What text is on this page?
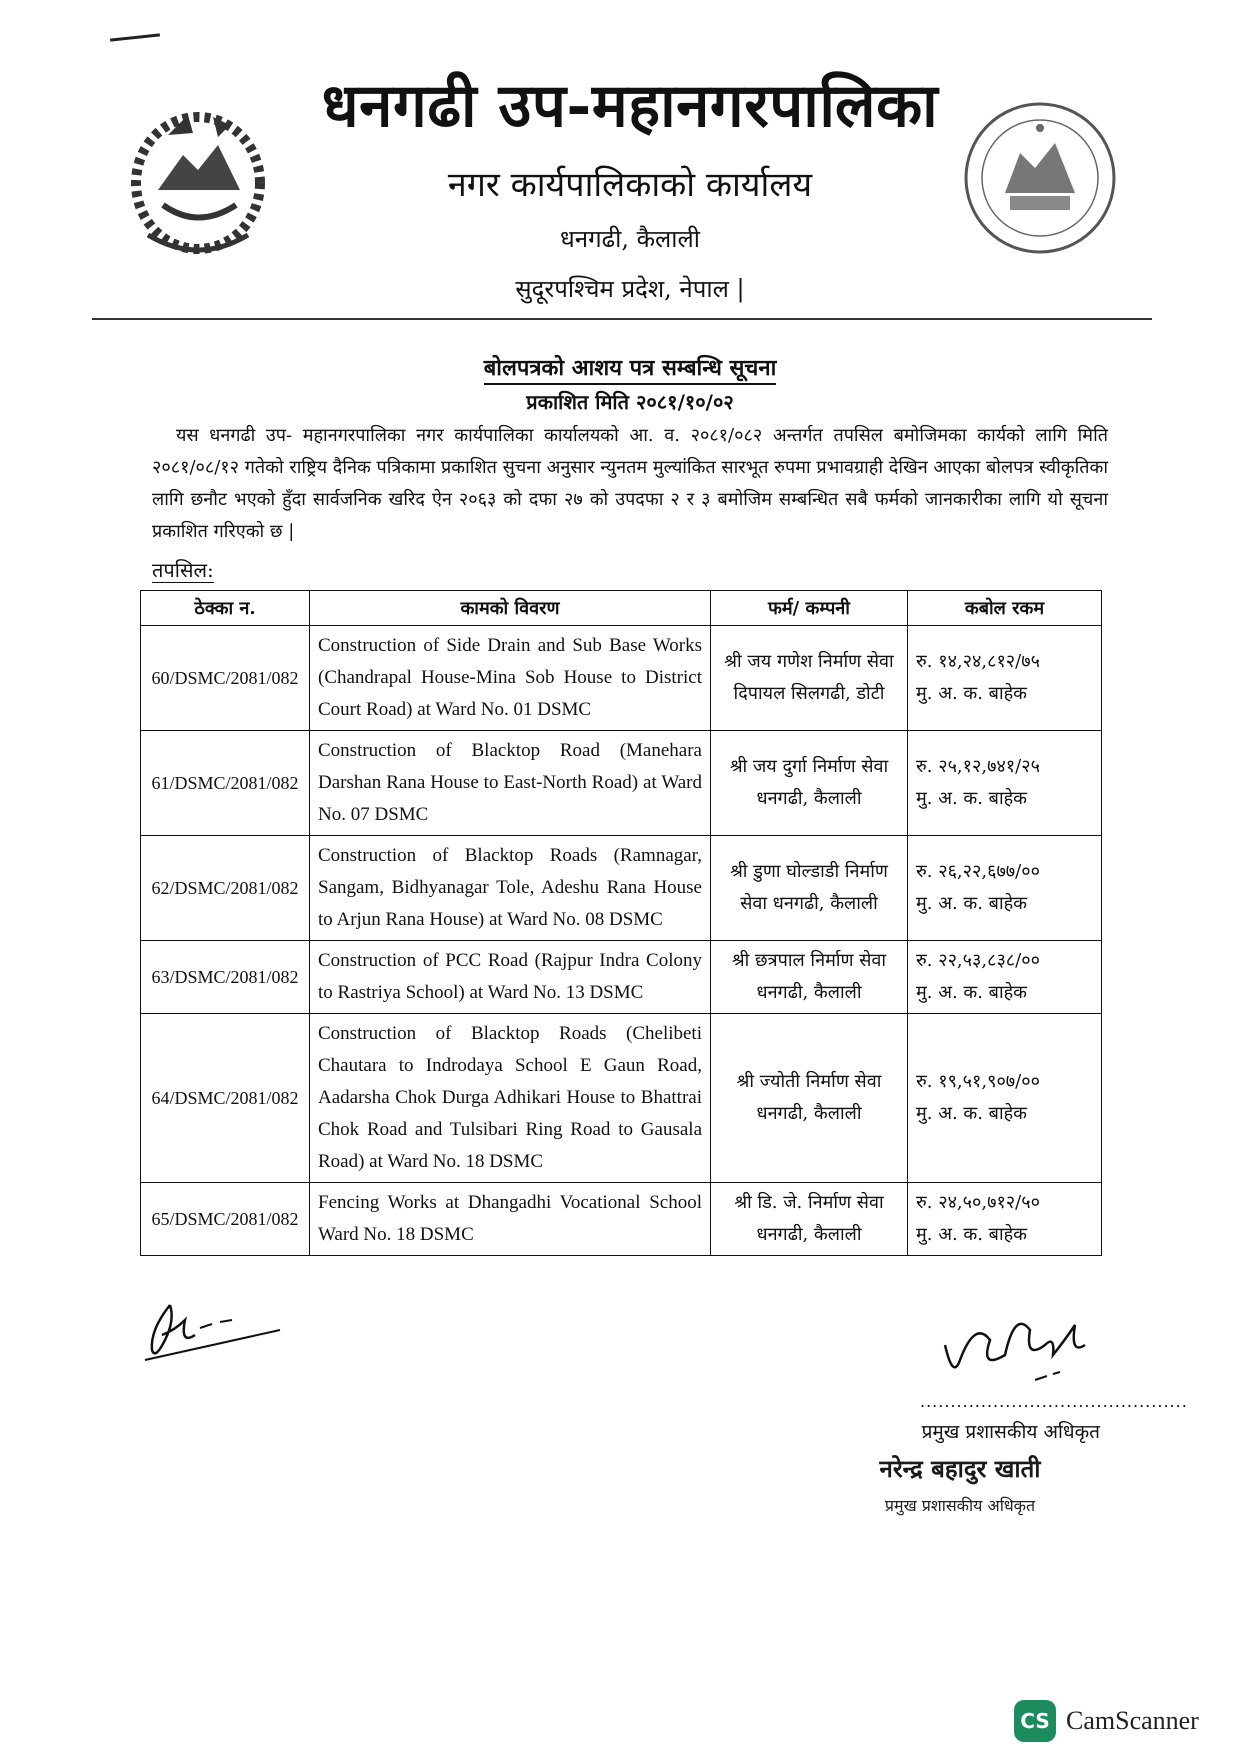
धनगढी उप-महानगरपालिका
नगर कार्यपालिकाको कार्यालय
धनगढी, कैलाली
सुदूरपश्चिम प्रदेश, नेपाल |
बोलपत्रको आशय पत्र सम्बन्धि सूचना
प्रकाशित मिति २०८१/१०/०२
यस धनगढी उप- महानगरपालिका नगर कार्यपालिका कार्यालयको आ. व. २०८१/०८२ अन्तर्गत तपसिल बमोजिमका कार्यको लागि मिति २०८१/०८/१२ गतेको राष्ट्रिय दैनिक पत्रिकामा प्रकाशित सुचना अनुसार न्युनतम मुल्यांकित सारभूत रुपमा प्रभावग्राही देखिन आएका बोलपत्र स्वीकृतिका लागि छनौट भएको हुँदा सार्वजनिक खरिद ऐन २०६३ को दफा २७ को उपदफा २ र ३ बमोजिम सम्बन्धित सबै फर्मको जानकारीका लागि यो सूचना प्रकाशित गरिएको छ |
तपसिल:
ठेक्का न.	कामको विवरण	फर्म/ कम्पनी	कबोल रकम
60/DSMC/2081/082	Construction of Side Drain and Sub Base Works (Chandrapal House-Mina Sob House to District Court Road) at Ward No. 01 DSMC	श्री जय गणेश निर्माण सेवा दिपायल सिलगढी, डोटी	रु. १४,२४,८१२/७५
मु. अ. क. बाहेक

61/DSMC/2081/082	Construction of Blacktop Road (Manehara Darshan Rana House to East-North Road) at Ward No. 07 DSMC	श्री जय दुर्गा निर्माण सेवा धनगढी, कैलाली	रु. २५,१२,७४१/२५
मु. अ. क. बाहेक

62/DSMC/2081/082	Construction of Blacktop Roads (Ramnagar, Sangam, Bidhyanagar Tole, Adeshu Rana House to Arjun Rana House) at Ward No. 08 DSMC	श्री डुणा घोल्डाडी निर्माण सेवा धनगढी, कैलाली	रु. २६,२२,६७७/००
मु. अ. क. बाहेक

63/DSMC/2081/082	Construction of PCC Road (Rajpur Indra Colony to Rastriya School) at Ward No. 13 DSMC	श्री छत्रपाल निर्माण सेवा धनगढी, कैलाली	रु. २२,५३,८३८/००
मु. अ. क. बाहेक

64/DSMC/2081/082	Construction of Blacktop Roads (Chelibeti Chautara to Indrodaya School E Gaun Road, Aadarsha Chok Durga Adhikari House to Bhattrai Chok Road and Tulsibari Ring Road to Gausala Road) at Ward No. 18 DSMC	श्री ज्योती निर्माण सेवा धनगढी, कैलाली	रु. १९,५१,९०७/००
मु. अ. क. बाहेक

65/DSMC/2081/082	Fencing Works at Dhangadhi Vocational School Ward No. 18 DSMC	श्री डि. जे. निर्माण सेवा धनगढी, कैलाली	रु. २४,५०,७१२/५०
मु. अ. क. बाहेक
............................................
प्रमुख प्रशासकीय अधिकृत
नरेन्द्र बहादुर खाती
प्रमुख प्रशासकीय अधिकृत
CS CamScanner
